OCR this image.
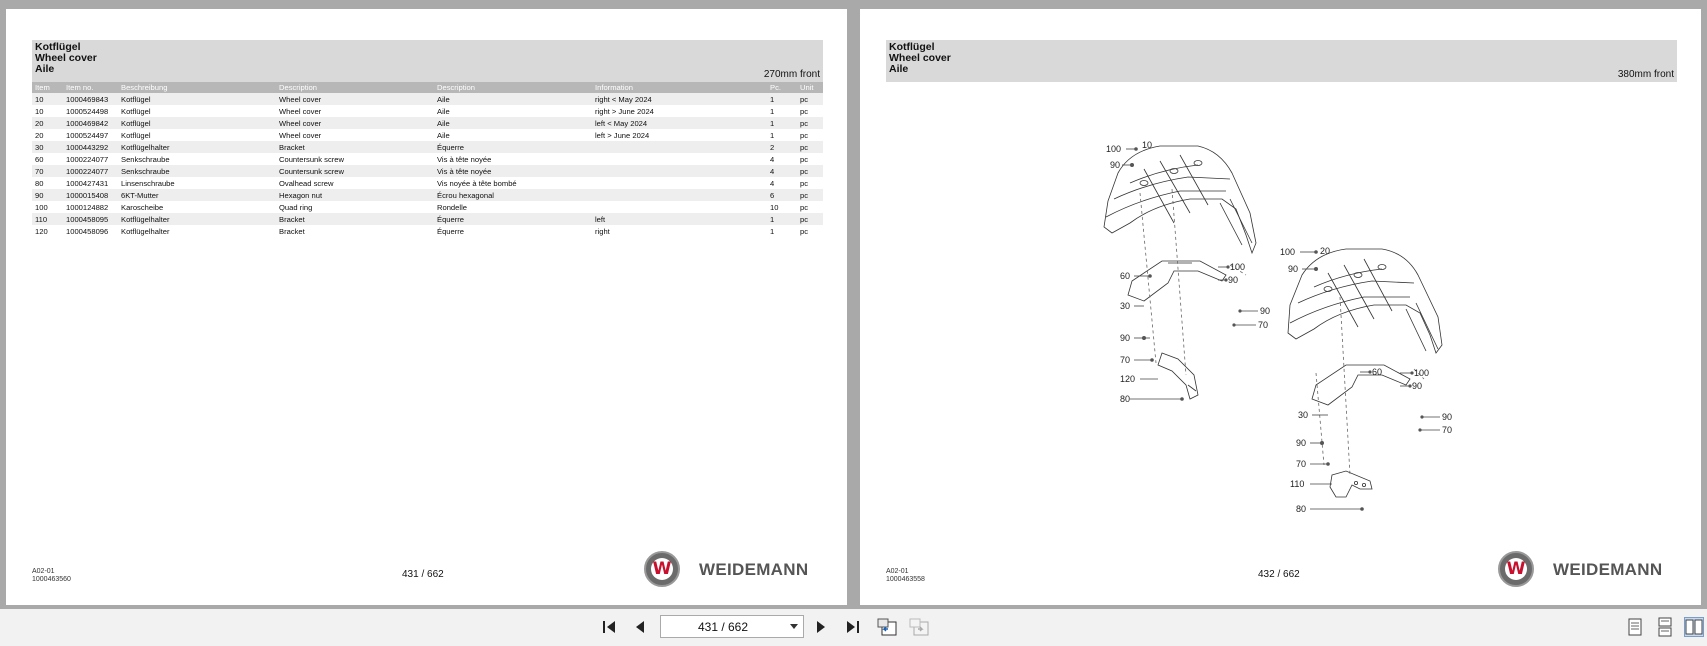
Kotflügel
Wheel cover
Aile	270mm front
Item	Item no.	Beschreibung	Description	Description	Information	Pc.	Unit
10	1000469843	Kotflügel	Wheel cover	Aile	right < May 2024	1	pc
10	1000524498	Kotflügel	Wheel cover	Aile	right > June 2024	1	pc
20	1000469842	Kotflügel	Wheel cover	Aile	left < May 2024	1	pc
20	1000524497	Kotflügel	Wheel cover	Aile	left > June 2024	1	pc
30	1000443292	Kotflügelhalter	Bracket	Équerre		2	pc
60	1000224077	Senkschraube	Countersunk screw	Vis à tête noyée		4	pc
70	1000224077	Senkschraube	Countersunk screw	Vis à tête noyée		4	pc
80	1000427431	Linsenschraube	Ovalhead screw	Vis noyée à tête bombé		4	pc
90	1000015408	6KT-Mutter	Hexagon nut	Écrou hexagonal		6	pc
100	1000124882	Karoscheibe	Quad ring	Rondelle		10	pc
110	1000458095	Kotflügelhalter	Bracket	Équerre	left	1	pc
120	1000458096	Kotflügelhalter	Bracket	Équerre	right	1	pc
A02-01
1000463560	431 / 662	W WEIDEMANN
Kotflügel
Wheel cover
Aile	380mm front
100 10
90
60
100
90
30	90
70
90
70
120
80
100	20
90
60	100
90
30	90
70
90
70
110
80
A02-01
1000463558	432 / 662	W WEIDEMANN
431 / 662
